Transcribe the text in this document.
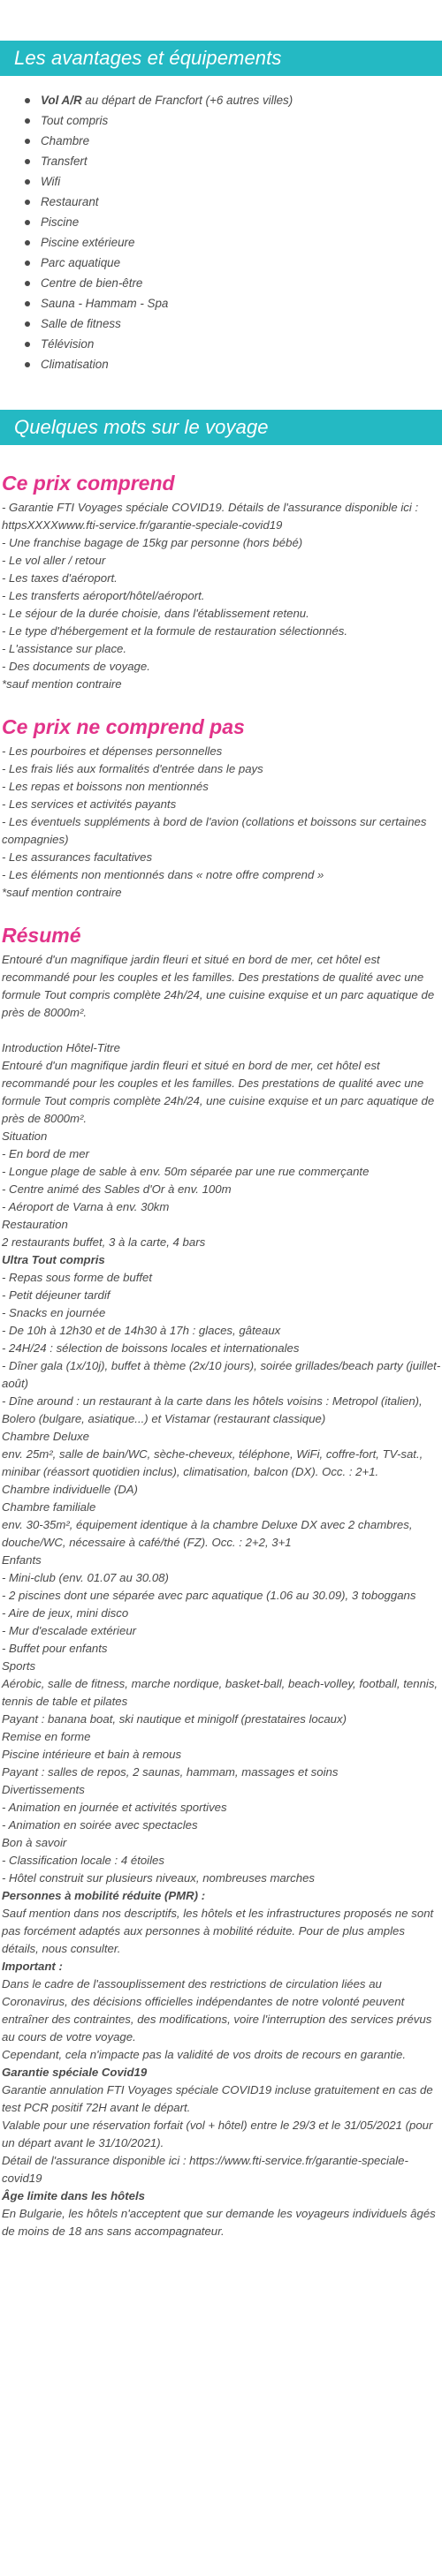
Les avantages et équipements
Vol A/R au départ de Francfort (+6 autres villes)
Tout compris
Chambre
Transfert
Wifi
Restaurant
Piscine
Piscine extérieure
Parc aquatique
Centre de bien-être
Sauna - Hammam - Spa
Salle de fitness
Télévision
Climatisation
Quelques mots sur le voyage
Ce prix comprend
- Garantie FTI Voyages spéciale COVID19. Détails de l'assurance disponible ici : httpsXXXXwww.fti-service.fr/garantie-speciale-covid19
- Une franchise bagage de 15kg par personne (hors bébé)
- Le vol aller / retour
- Les taxes d'aéroport.
- Les transferts aéroport/hôtel/aéroport.
- Le séjour de la durée choisie, dans l'établissement retenu.
- Le type d'hébergement et la formule de restauration sélectionnés.
- L'assistance sur place.
- Des documents de voyage.
*sauf mention contraire
Ce prix ne comprend pas
- Les pourboires et dépenses personnelles
- Les frais liés aux formalités d'entrée dans le pays
- Les repas et boissons non mentionnés
- Les services et activités payants
- Les éventuels suppléments à bord de l'avion (collations et boissons sur certaines compagnies)
- Les assurances facultatives
- Les éléments non mentionnés dans « notre offre comprend »
*sauf mention contraire
Résumé
Entouré d'un magnifique jardin fleuri et situé en bord de mer, cet hôtel est recommandé pour les couples et les familles. Des prestations de qualité avec une formule Tout compris complète 24h/24, une cuisine exquise et un parc aquatique de près de 8000m².
Introduction Hôtel-Titre
Entouré d'un magnifique jardin fleuri et situé en bord de mer, cet hôtel est recommandé pour les couples et les familles. Des prestations de qualité avec une formule Tout compris complète 24h/24, une cuisine exquise et un parc aquatique de près de 8000m².
Situation
- En bord de mer
- Longue plage de sable à env. 50m séparée par une rue commerçante
- Centre animé des Sables d'Or à env. 100m
- Aéroport de Varna à env. 30km
Restauration
2 restaurants buffet, 3 à la carte, 4 bars
Ultra Tout compris
- Repas sous forme de buffet
- Petit déjeuner tardif
- Snacks en journée
- De 10h à 12h30 et de 14h30 à 17h : glaces, gâteaux
- 24H/24 : sélection de boissons locales et internationales
- Dîner gala (1x/10j), buffet à thème (2x/10 jours), soirée grillades/beach party (juillet-août)
- Dîne around : un restaurant à la carte dans les hôtels voisins : Metropol (italien), Bolero (bulgare, asiatique...) et Vistamar (restaurant classique)
Chambre Deluxe
env. 25m², salle de bain/WC, sèche-cheveux, téléphone, WiFi, coffre-fort, TV-sat., minibar (réassort quotidien inclus), climatisation, balcon (DX). Occ. : 2+1.
Chambre individuelle (DA)
Chambre familiale
env. 30-35m², équipement identique à la chambre Deluxe DX avec 2 chambres, douche/WC, nécessaire à café/thé (FZ). Occ. : 2+2, 3+1
Enfants
- Mini-club (env. 01.07 au 30.08)
- 2 piscines dont une séparée avec parc aquatique (1.06 au 30.09), 3 toboggans
- Aire de jeux, mini disco
- Mur d'escalade extérieur
- Buffet pour enfants
Sports
Aérobic, salle de fitness, marche nordique, basket-ball, beach-volley, football, tennis, tennis de table et pilates
Payant : banana boat, ski nautique et minigolf (prestataires locaux)
Remise en forme
Piscine intérieure et bain à remous
Payant : salles de repos, 2 saunas, hammam, massages et soins
Divertissements
- Animation en journée et activités sportives
- Animation en soirée avec spectacles
Bon à savoir
- Classification locale : 4 étoiles
- Hôtel construit sur plusieurs niveaux, nombreuses marches
Personnes à mobilité réduite (PMR) :
Sauf mention dans nos descriptifs, les hôtels et les infrastructures proposés ne sont pas forcément adaptés aux personnes à mobilité réduite. Pour de plus amples détails, nous consulter.
Important :
Dans le cadre de l'assouplissement des restrictions de circulation liées au Coronavirus, des décisions officielles indépendantes de notre volonté peuvent entraîner des contraintes, des modifications, voire l'interruption des services prévus au cours de votre voyage.
Cependant, cela n'impacte pas la validité de vos droits de recours en garantie.
Garantie spéciale Covid19
Garantie annulation FTI Voyages spéciale COVID19 incluse gratuitement en cas de test PCR positif 72H avant le départ.
Valable pour une réservation forfait (vol + hôtel) entre le 29/3 et le 31/05/2021 (pour un départ avant le 31/10/2021).
Détail de l'assurance disponible ici : https://www.fti-service.fr/garantie-speciale-covid19
Âge limite dans les hôtels
En Bulgarie, les hôtels n'acceptent que sur demande les voyageurs individuels âgés de moins de 18 ans sans accompagnateur.
